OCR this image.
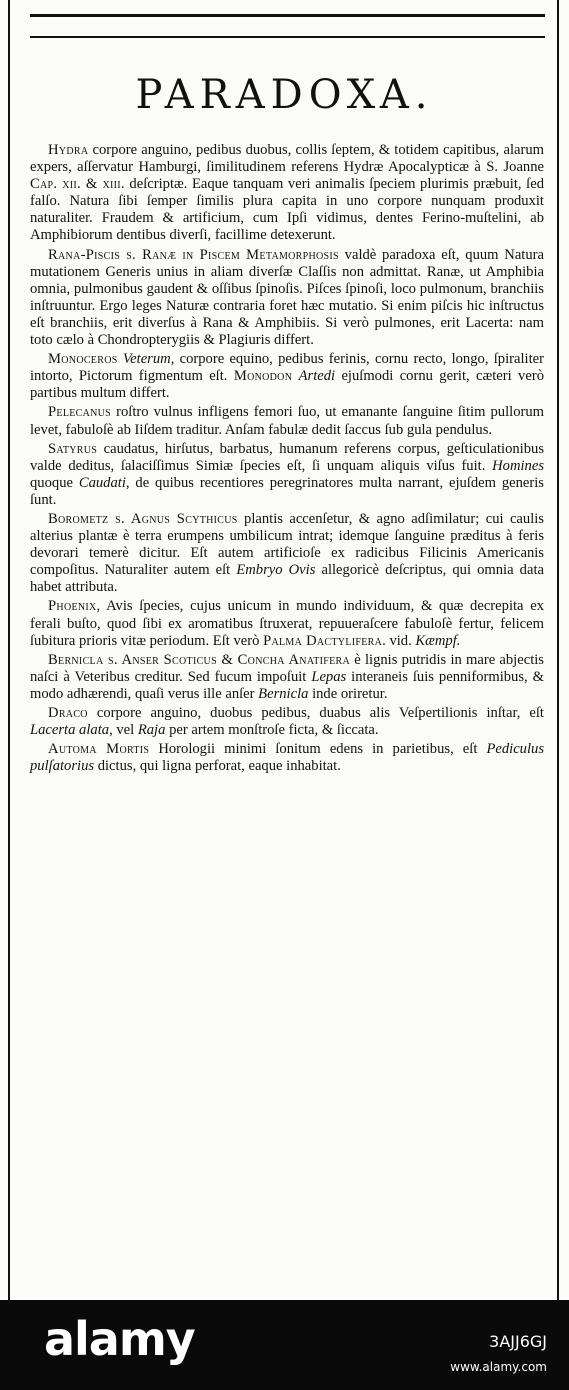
PARADOXA.

Hydra corpore anguino, pedibus duobus, collis ſeptem, & totidem capitibus, alarum expers, aſſervatur Hamburgi, ſimilitudinem referens Hydræ Apocalypticæ à S. Joanne Cap. xii. & xiii. deſcriptæ. Eaque tanquam veri animalis ſpeciem plurimis præbuit, ſed falſo. Natura ſibi ſemper ſimilis plura capita in uno corpore nunquam produxit naturaliter. Fraudem & artificium, cum Ipſi vidimus, dentes Ferino-muſtelini, ab Amphibiorum dentibus diverſi, facillime detexerunt.

Rana-Piscis s. Ranæ in Piscem Metamorphosis valdè paradoxa eſt, quum Natura mutationem Generis unius in aliam diverſæ Claſſis non admittat. Ranæ, ut Amphibia omnia, pulmonibus gaudent & oſſibus ſpinoſis. Piſces ſpinoſi, loco pulmonum, branchiis inſtruuntur. Ergo leges Naturæ contraria foret hæc mutatio. Si enim piſcis hic inſtructus eſt branchiis, erit diverſus à Rana & Amphibiis. Si verò pulmones, erit Lacerta: nam toto cælo à Chondropterygiis & Plagiuris differt.

Monoceros Veterum, corpore equino, pedibus ferinis, cornu recto, longo, ſpiraliter intorto, Pictorum figmentum eſt. Monodon Artedi ejuſmodi cornu gerit, cæteri verò partibus multum differt.

Pelecanus roſtro vulnus infligens femori ſuo, ut emanante ſanguine ſitim pullorum levet, fabuloſè ab Iiſdem traditur. Anſam fabulæ dedit ſaccus ſub gula pendulus.

Satyrus caudatus, hirſutus, barbatus, humanum referens corpus, geſticulationibus valde deditus, ſalaciſſimus Simiæ ſpecies eſt, ſi unquam aliquis viſus fuit. Homines quoque Caudati, de quibus recentiores peregrinatores multa narrant, ejuſdem generis ſunt.

Borometz s. Agnus Scythicus plantis accenſetur, & agno adſimilatur; cui caulis alterius plantæ è terra erumpens umbilicum intrat; idemque ſanguine præditus à feris devorari temerè dicitur. Eſt autem artificioſe ex radicibus Filicinis Americanis compoſitus. Naturaliter autem eſt Embryo Ovis allegoricè deſcriptus, qui omnia data habet attributa.

Phoenix, Avis ſpecies, cujus unicum in mundo individuum, & quæ decrepita ex ferali buſto, quod ſibi ex aromatibus ſtruxerat, repuueraſcere fabuloſè fertur, felicem ſubitura prioris vitæ periodum. Eſt verò Palma Dactylifera. vid. Kæmpf.

Bernicla s. Anser Scoticus & Concha Anatifera è lignis putridis in mare abjectis naſci à Veteribus creditur. Sed fucum impoſuit Lepas interaneis ſuis penniformibus, & modo adhærendi, quaſi verus ille anſer Bernicla inde oriretur.

Draco corpore anguino, duobus pedibus, duabus alis Veſpertilionis inſtar, eſt Lacerta alata, vel Raja per artem monſtroſe ficta, & ſiccata.

Automa Mortis Horologii minimi ſonitum edens in parietibus, eſt Pediculus pulſatorius dictus, qui ligna perforat, eaque inhabitat.

alamy	3AJJ6GJ
www.alamy.com
